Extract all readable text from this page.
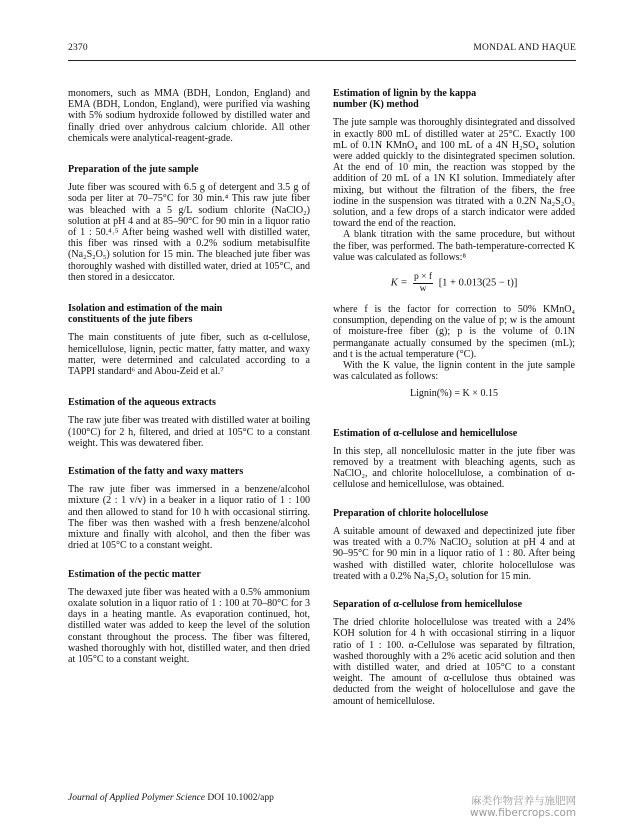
2370	MONDAL AND HAQUE

monomers, such as MMA (BDH, London, England) and EMA (BDH, London, England), were purified via washing with 5% sodium hydroxide followed by distilled water and finally dried over anhydrous calcium chloride. All other chemicals were analytical-reagent-grade.

Preparation of the jute sample

Jute fiber was scoured with 6.5 g of detergent and 3.5 g of soda per liter at 70–75°C for 30 min.⁴ This raw jute fiber was bleached with a 5 g/L sodium chlorite (NaClO₂) solution at pH 4 and at 85–90°C for 90 min in a liquor ratio of 1 : 50.⁴˒⁵ After being washed well with distilled water, this fiber was rinsed with a 0.2% sodium metabisulfite (Na₂S₂O₅) solution for 15 min. The bleached jute fiber was thoroughly washed with distilled water, dried at 105°C, and then stored in a desiccator.

Isolation and estimation of the main
constituents of the jute fibers

The main constituents of jute fiber, such as α-cellulose, hemicellulose, lignin, pectic matter, fatty matter, and waxy matter, were determined and calculated according to a TAPPI standard⁶ and Abou-Zeid et al.⁷

Estimation of the aqueous extracts

The raw jute fiber was treated with distilled water at boiling (100°C) for 2 h, filtered, and dried at 105°C to a constant weight. This was dewatered fiber.

Estimation of the fatty and waxy matters

The raw jute fiber was immersed in a benzene/alcohol mixture (2 : 1 v/v) in a beaker in a liquor ratio of 1 : 100 and then allowed to stand for 10 h with occasional stirring. The fiber was then washed with a fresh benzene/alcohol mixture and finally with alcohol, and then the fiber was dried at 105°C to a constant weight.

Estimation of the pectic matter

The dewaxed jute fiber was heated with a 0.5% ammonium oxalate solution in a liquor ratio of 1 : 100 at 70–80°C for 3 days in a heating mantle. As evaporation continued, hot, distilled water was added to keep the level of the solution constant throughout the process. The fiber was filtered, washed thoroughly with hot, distilled water, and then dried at 105°C to a constant weight.

Estimation of lignin by the kappa
number (K) method

The jute sample was thoroughly disintegrated and dissolved in exactly 800 mL of distilled water at 25°C. Exactly 100 mL of 0.1N KMnO₄ and 100 mL of a 4N H₂SO₄ solution were added quickly to the disintegrated specimen solution. At the end of 10 min, the reaction was stopped by the addition of 20 mL of a 1N KI solution. Immediately after mixing, but without the filtration of the fibers, the free iodine in the suspension was titrated with a 0.2N Na₂S₂O₃ solution, and a few drops of a starch indicator were added toward the end of the reaction.

A blank titration with the same procedure, but without the fiber, was performed. The bath-temperature-corrected K value was calculated as follows:⁸

$K = \frac{p \times f}{w} [1 + 0.013(25 - t)]$

where f is the factor for correction to 50% KMnO₄ consumption, depending on the value of p; w is the amount of moisture-free fiber (g); p is the volume of 0.1N permanganate actually consumed by the specimen (mL); and t is the actual temperature (°C).

With the K value, the lignin content in the jute sample was calculated as follows:

Lignin(%) = K × 0.15
Estimation of α-cellulose and hemicellulose

In this step, all noncellulosic matter in the jute fiber was removed by a treatment with bleaching agents, such as NaClO₂, and chlorite holocellulose, a combination of α-cellulose and hemicellulose, was obtained.

Preparation of chlorite holocellulose

A suitable amount of dewaxed and depectinized jute fiber was treated with a 0.7% NaClO₂ solution at pH 4 and at 90–95°C for 90 min in a liquor ratio of 1 : 80. After being washed with distilled water, chlorite holocellulose was treated with a 0.2% Na₂S₂O₅ solution for 15 min.

Separation of α-cellulose from hemicellulose

The dried chlorite holocellulose was treated with a 24% KOH solution for 4 h with occasional stirring in a liquor ratio of 1 : 100. α-Cellulose was separated by filtration, washed thoroughly with a 2% acetic acid solution and then with distilled water, and dried at 105°C to a constant weight. The amount of α-cellulose thus obtained was deducted from the weight of holocellulose and gave the amount of hemicellulose.

Journal of Applied Polymer Science DOI 10.1002/app	麻类作物营养与施肥网
www.fibercrops.com
